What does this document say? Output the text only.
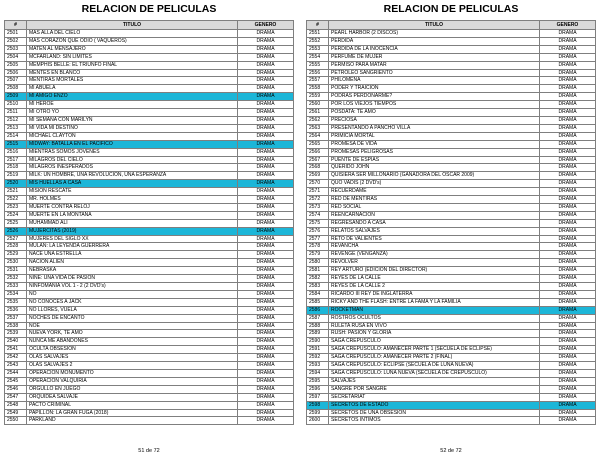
RELACION DE PELICULAS
#	TITULO	GENERO
2501	MAS ALLA DEL CIELO	DRAMA
2502	MAS CORAZON QUE ODIO ( VAQUEROS)	DRAMA
2503	MATEN AL MENSAJERO	DRAMA
2504	MCFARLAND: SIN LIMITES	DRAMA
2505	MEMPHIS BELLE: EL TRIUNFO FINAL	DRAMA
2506	MENTES EN BLANCO	DRAMA
2507	MENTIRAS MORTALES	DRAMA
2508	MI ABUELA	DRAMA
2509	MI AMIGO ENZO	DRAMA
2510	MI HEROE	DRAMA
2511	MI OTRO YO	DRAMA
2512	MI SEMANA CON MARILYN	DRAMA
2513	MI VIDA MI DESTINO	DRAMA
2514	MICHAEL CLAYTON	DRAMA
2515	MIDWAY: BATALLA EN EL PACIFICO	DRAMA
2516	MIENTRAS SOMOS JOVENES	DRAMA
2517	MILAGROS DEL CIELO	DRAMA
2518	MILAGROS INESPERADOS	DRAMA
2519	MILK: UN HOMBRE, UNA REVOLUCION, UNA ESPERANZA	DRAMA
2520	MIS HUELLAS A CASA	DRAMA
2521	MISION RESCATE	DRAMA
2522	MR. HOLMES	DRAMA
2523	MUERTE CONTRA RELOJ	DRAMA
2524	MUERTE EN LA MONTAÑA	DRAMA
2525	MUHAMMAD ALI	DRAMA
2526	MUJERCITAS (2019)	DRAMA
2527	MUJERES DEL SIGLO XX	DRAMA
2528	MULAN: LA LEYENDA GUERRERA	DRAMA
2529	NACE UNA ESTRELLA	DRAMA
2530	NACION ALIEN	DRAMA
2531	NEBRASKA	DRAMA
2532	NINE: UNA VIDA DE PASION	DRAMA
2533	NINFOMANIA VOL 1 - 2 (2 DVD's)	DRAMA
2534	NO	DRAMA
2535	NO CONOCES A JACK	DRAMA
2536	NO LLORES, VUELA	DRAMA
2537	NOCHES DE ENCANTO	DRAMA
2538	NOE	DRAMA
2539	NUEVA YORK, TE AMO	DRAMA
2540	NUNCA ME ABANDONES	DRAMA
2541	OCULTA OBSESION	DRAMA
2542	OLAS SALVAJES	DRAMA
2543	OLAS SALVAJES 2	DRAMA
2544	OPERACIÓN MONUMENTO	DRAMA
2545	OPERACIÓN VALQUIRIA	DRAMA
2546	ORGULLO EN JUEGO	DRAMA
2547	ORQUIDEA SALVAJE	DRAMA
2548	PACTO CRIMINAL	DRAMA
2549	PAPILLON: LA GRAN FUGA (2018)	DRAMA
2550	PARKLAND	DRAMA
51 de 72
RELACION DE PELICULAS
#	TITULO	GENERO
2551	PEARL HARBOR (2 DISCOS)	DRAMA
2552	PERDIDA	DRAMA
2553	PERDIDA DE LA INOCENCIA	DRAMA
2554	PERFUME DE MUJER	DRAMA
2555	PERMISO PARA MATAR	DRAMA
2556	PETROLEO SANGRIENTO	DRAMA
2557	PHILOMENA	DRAMA
2558	PODER Y TRAICION	DRAMA
2559	PODRAS PERDONARME?	DRAMA
2560	POR LOS VIEJOS TIEMPOS	DRAMA
2561	POSDATA: TE AMO	DRAMA
2562	PRECIOSA	DRAMA
2563	PRESENTANDO A PANCHO VILLA	DRAMA
2564	PRIMICIA MORTAL	DRAMA
2565	PROMESA DE VIDA	DRAMA
2566	PROMESAS PELIGROSAS	DRAMA
2567	PUENTE DE ESPIAS	DRAMA
2568	QUERIDO JOHN	DRAMA
2569	QUISIERA SER MILLONARIO (GANADORA DEL OSCAR 2009)	DRAMA
2570	QUO VADIS (2 DVD's)	DRAMA
2571	RECUERDAME	DRAMA
2572	RED DE MENTIRAS	DRAMA
2573	RED SOCIAL	DRAMA
2574	REENCARNACION	DRAMA
2575	REGRESANDO A CASA	DRAMA
2576	RELATOS SALVAJES	DRAMA
2577	RETO DE VALIENTES	DRAMA
2578	REVANCHA	DRAMA
2579	REVENGE (VENGANZA)	DRAMA
2580	REVOLVER	DRAMA
2581	REY ARTURO (EDICION DEL DIRECTOR)	DRAMA
2582	REYES DE LA CALLE	DRAMA
2583	REYES DE LA CALLE 2	DRAMA
2584	RICARDO III REY DE INGLATERRA	DRAMA
2585	RICKY AND THE FLASH: ENTRE LA FAMA Y LA FAMILIA	DRAMA
2586	ROCKETMAN	DRAMA
2587	ROSTROS OCULTOS	DRAMA
2588	RULETA RUSA EN VIVO	DRAMA
2589	RUSH: PASION Y GLORIA	DRAMA
2590	SAGA CREPUSCULO	DRAMA
2591	SAGA CREPUSCULO: AMANECER PARTE 1 (SECUELA DE ECLIPSE)	DRAMA
2592	SAGA CREPUSCULO: AMANECER PARTE 2 (FINAL)	DRAMA
2593	SAGA CREPUSCULO: ECLIPSE (SECUELA DE LUNA NUEVA)	DRAMA
2594	SAGA CREPUSCULO: LUNA NUEVA (SECUELA DE CREPUSCULO)	DRAMA
2595	SALVAJES	DRAMA
2596	SANGRE POR SANGRE	DRAMA
2597	SECRETARIAT	DRAMA
2598	SECRETOS DE ESTADO	DRAMA
2599	SECRETOS DE UNA OBSESION	DRAMA
2600	SECRETOS INTIMOS	DRAMA
52 de 72
